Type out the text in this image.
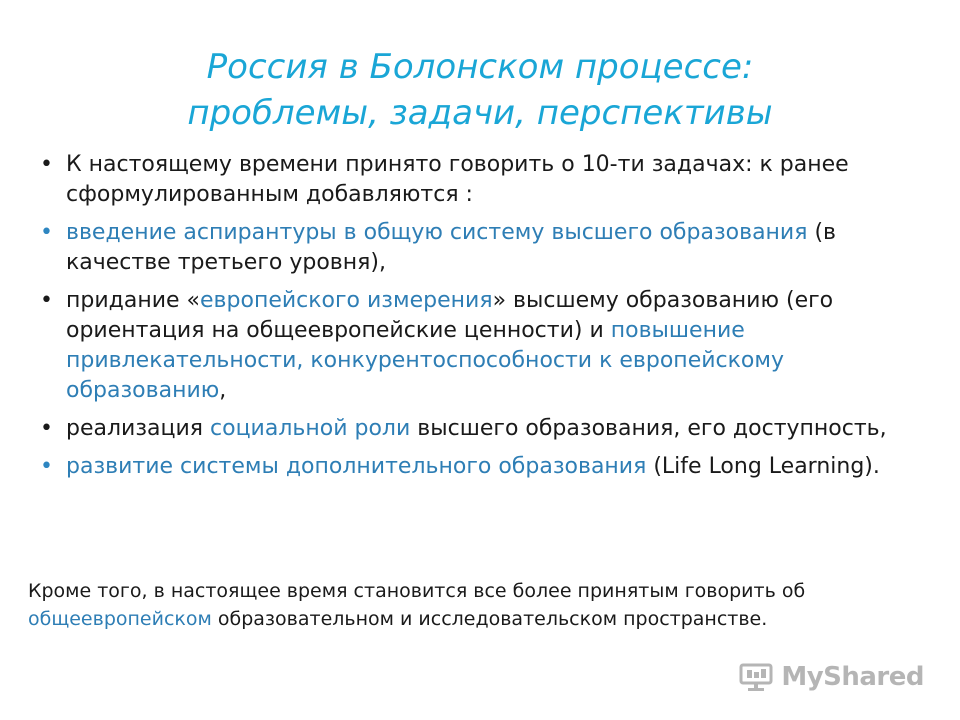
Россия в Болонском процессе:
проблемы, задачи, перспективы
• К настоящему времени принято говорить о 10-ти задачах: к ранее сформулированным добавляются :
• введение аспирантуры в общую систему высшего образования (в качестве третьего уровня),
• придание «европейского измерения» высшему образованию (его ориентация на общеевропейские ценности) и повышение привлекательности, конкурентоспособности к европейскому образованию,
• реализация социальной роли высшего образования, его доступность,
• развитие системы дополнительного образования (Life Long Learning).

Кроме того, в настоящее время становится все более принятым говорить об общеевропейском образовательном и исследовательском пространстве.

MyShared
